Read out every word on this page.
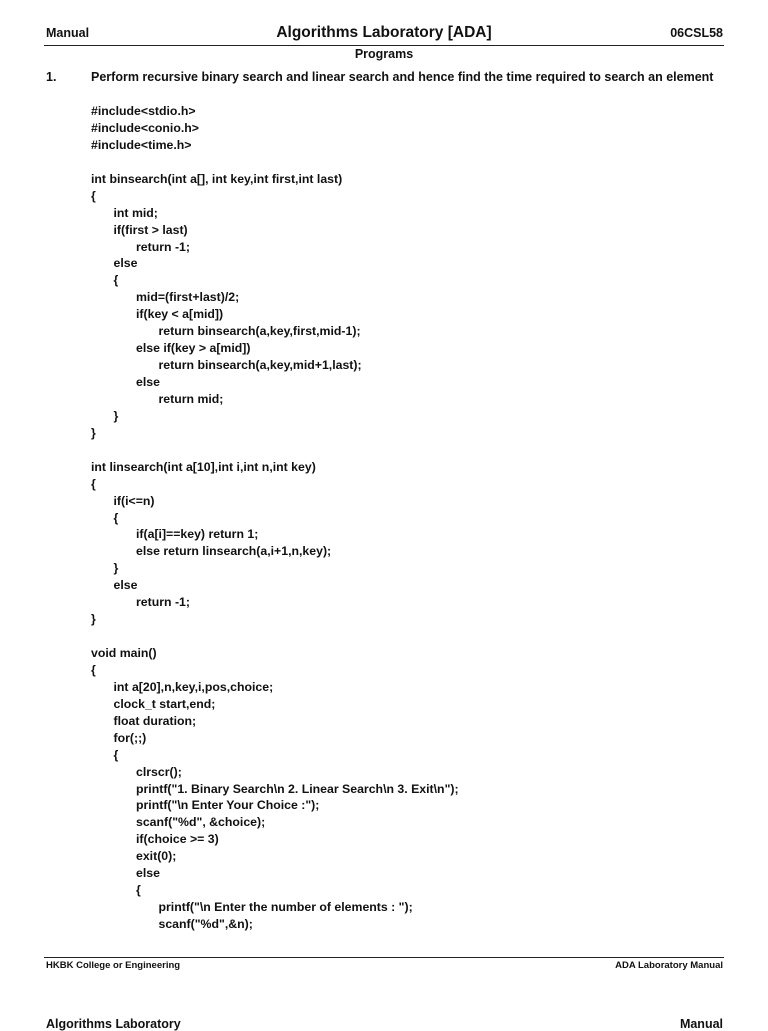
Manual	Algorithms Laboratory [ADA]	06CSL58
Programs
1.	Perform recursive binary search and linear search and hence find the time required to search an element
#include<stdio.h>
#include<conio.h>
#include<time.h>
int binsearch(int a[], int key,int first,int last)
{
int mid;
if(first > last)
return -1;
else
{
mid=(first+last)/2;
if(key < a[mid])
return binsearch(a,key,first,mid-1);
else if(key > a[mid])
return binsearch(a,key,mid+1,last);
else
return mid;
}
}
int linsearch(int a[10],int i,int n,int key)
{
if(i<=n)
{
if(a[i]==key) return 1;
else return linsearch(a,i+1,n,key);
}
else
return -1;
}
void main()
{
int a[20],n,key,i,pos,choice;
clock_t start,end;
float duration;
for(;;)
{
clrscr();
printf("1. Binary Search\n 2. Linear Search\n 3. Exit\n");
printf("\n Enter Your Choice :");
scanf("%d", &choice);
if(choice >= 3)
exit(0);
else
{
printf("\n Enter the number of elements : ");
scanf("%d",&n);
HKBK College or Engineering	ADA Laboratory Manual
Algorithms Laboratory	Manual
